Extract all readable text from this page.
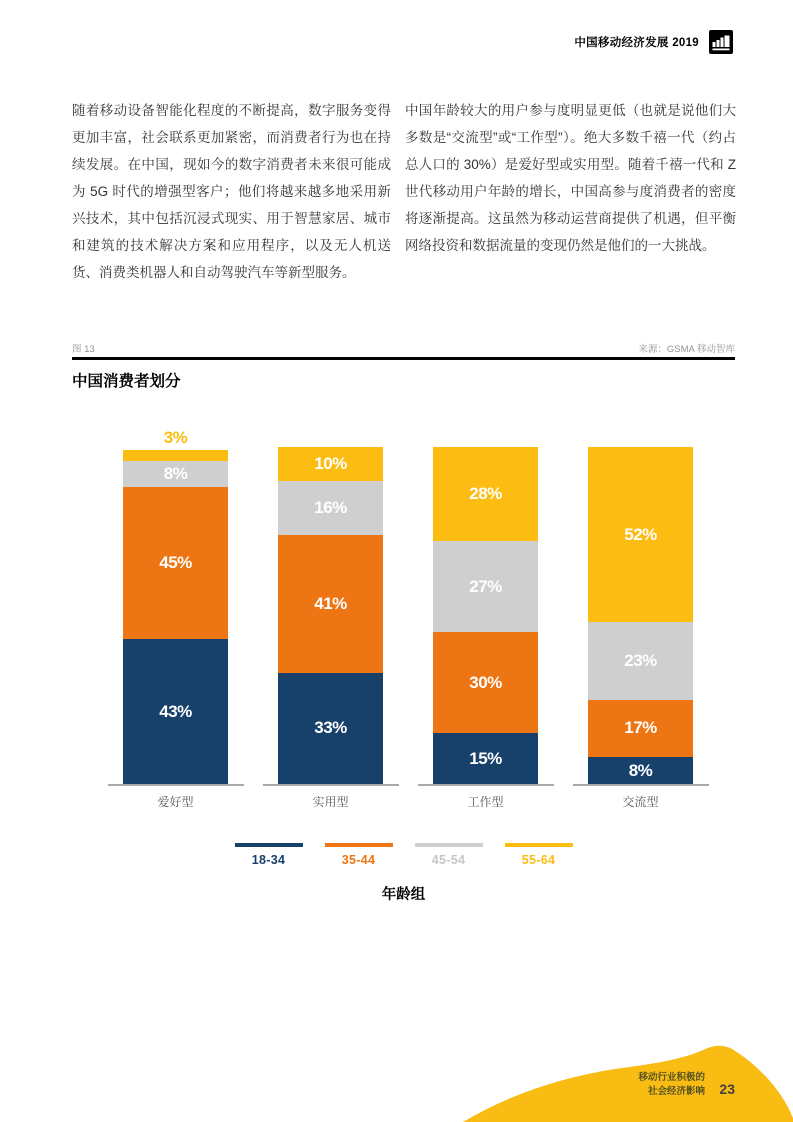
中国移动经济发展 2019
随着移动设备智能化程度的不断提高，数字服务变得更加丰富，社会联系更加紧密，而消费者行为也在持续发展。在中国，现如今的数字消费者未来很可能成为 5G 时代的增强型客户；他们将越来越多地采用新兴技术，其中包括沉浸式现实、用于智慧家居、城市和建筑的技术解决方案和应用程序，以及无人机送货、消费类机器人和自动驾驶汽车等新型服务。
中国年龄较大的用户参与度明显更低（也就是说他们大多数是“交流型”或“工作型”）。绝大多数千禧一代（约占总人口的 30%）是爱好型或实用型。随着千禧一代和 Z 世代移动用户年龄的增长，中国高参与度消费者的密度将逐渐提高。这虽然为移动运营商提供了机遇，但平衡网络投资和数据流量的变现仍然是他们的一大挑战。
图 13	来源：GSMA 移动智库
中国消费者划分
3%
8%
45%
43%
10%
16%
41%
33%
28%
27%
30%
15%
52%
23%
17%
8%
爱好型	实用型	工作型	交流型
18-34	35-44	45-54	55-64
年龄组
移动行业积极的
社会经济影响 23
